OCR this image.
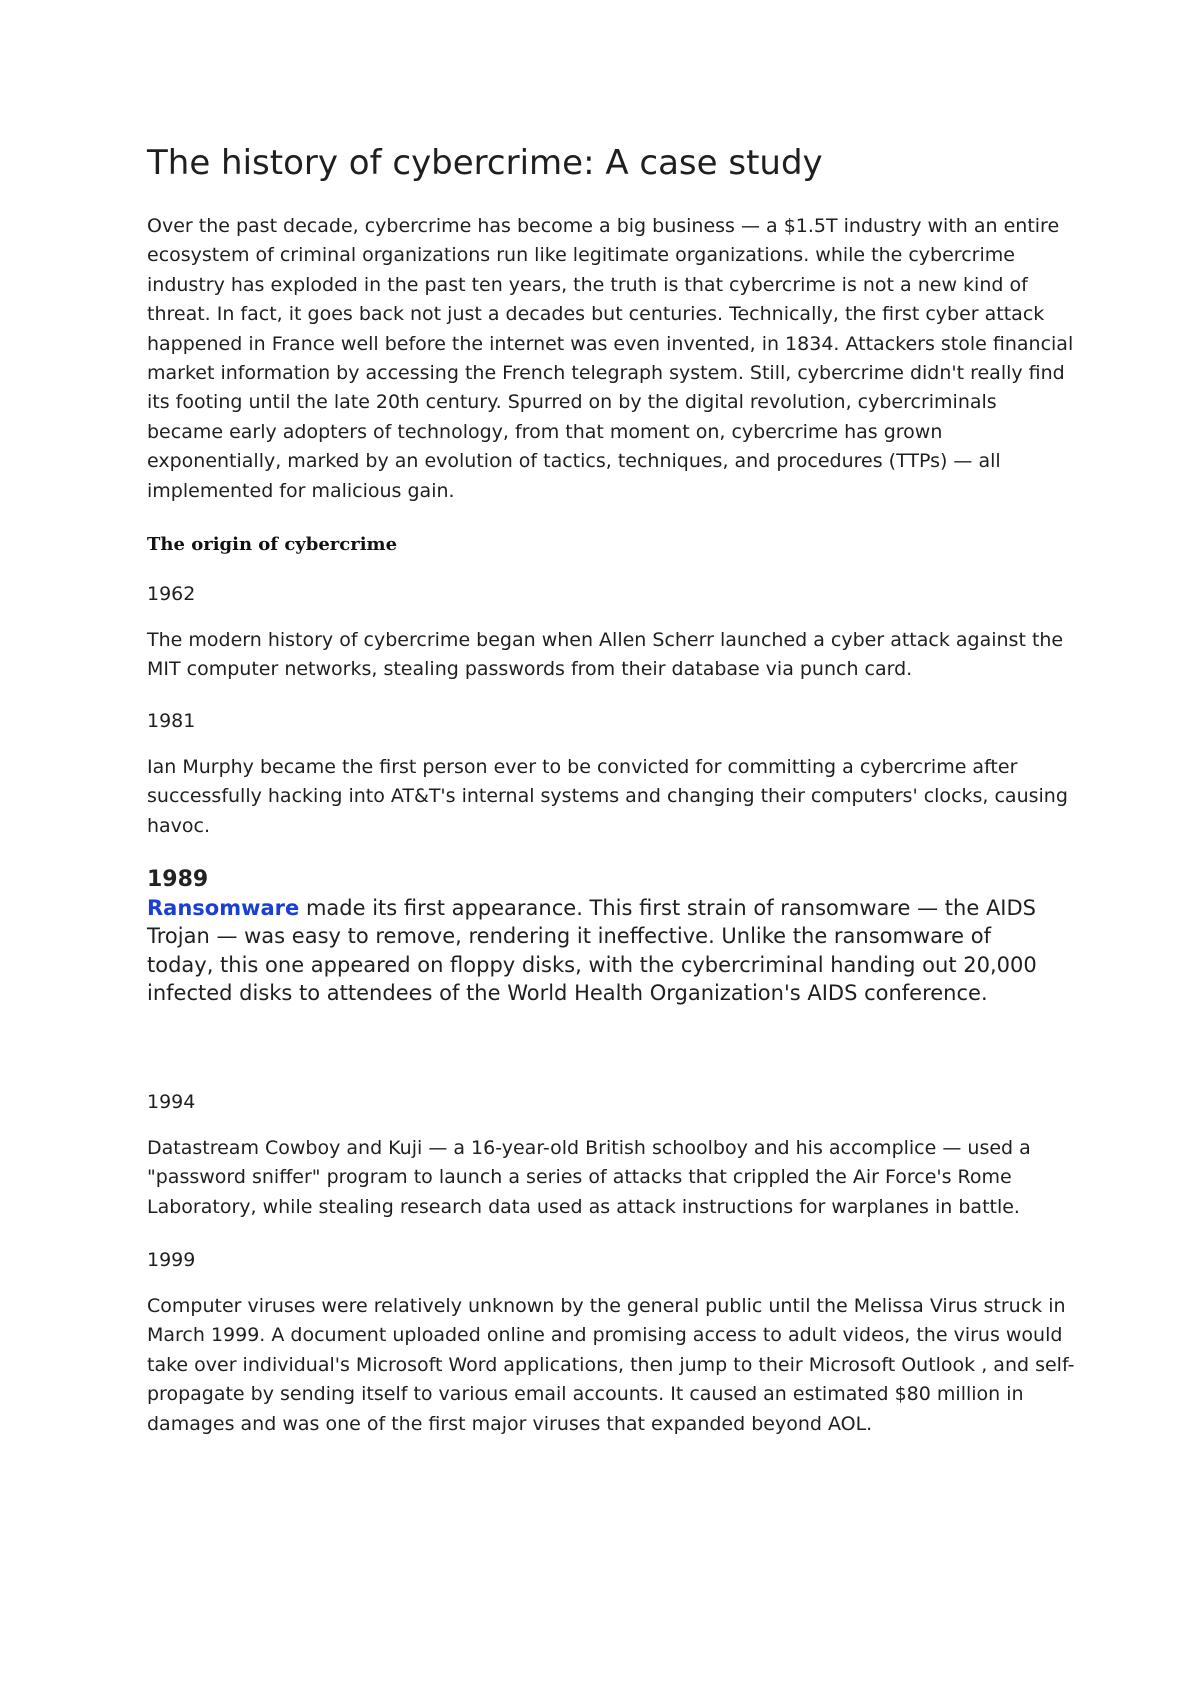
The history of cybercrime: A case study

Over the past decade, cybercrime has become a big business — a $1.5T industry with an entire ecosystem of criminal organizations run like legitimate organizations. while the cybercrime industry has exploded in the past ten years, the truth is that cybercrime is not a new kind of threat. In fact, it goes back not just a decades but centuries. Technically, the first cyber attack happened in France well before the internet was even invented, in 1834. Attackers stole financial market information by accessing the French telegraph system. Still, cybercrime didn't really find its footing until the late 20th century. Spurred on by the digital revolution, cybercriminals became early adopters of technology, from that moment on, cybercrime has grown exponentially, marked by an evolution of tactics, techniques, and procedures (TTPs) — all implemented for malicious gain.

The origin of cybercrime

1962

The modern history of cybercrime began when Allen Scherr launched a cyber attack against the MIT computer networks, stealing passwords from their database via punch card.

1981

Ian Murphy became the first person ever to be convicted for committing a cybercrime after successfully hacking into AT&T's internal systems and changing their computers' clocks, causing havoc.

1989

Ransomware made its first appearance. This first strain of ransomware — the AIDS Trojan — was easy to remove, rendering it ineffective. Unlike the ransomware of today, this one appeared on floppy disks, with the cybercriminal handing out 20,000 infected disks to attendees of the World Health Organization's AIDS conference.

1994

Datastream Cowboy and Kuji — a 16-year-old British schoolboy and his accomplice — used a "password sniffer" program to launch a series of attacks that crippled the Air Force's Rome Laboratory, while stealing research data used as attack instructions for warplanes in battle.

1999

Computer viruses were relatively unknown by the general public until the Melissa Virus struck in March 1999. A document uploaded online and promising access to adult videos, the virus would take over individual's Microsoft Word applications, then jump to their Microsoft Outlook , and self-propagate by sending itself to various email accounts. It caused an estimated $80 million in damages and was one of the first major viruses that expanded beyond AOL.
